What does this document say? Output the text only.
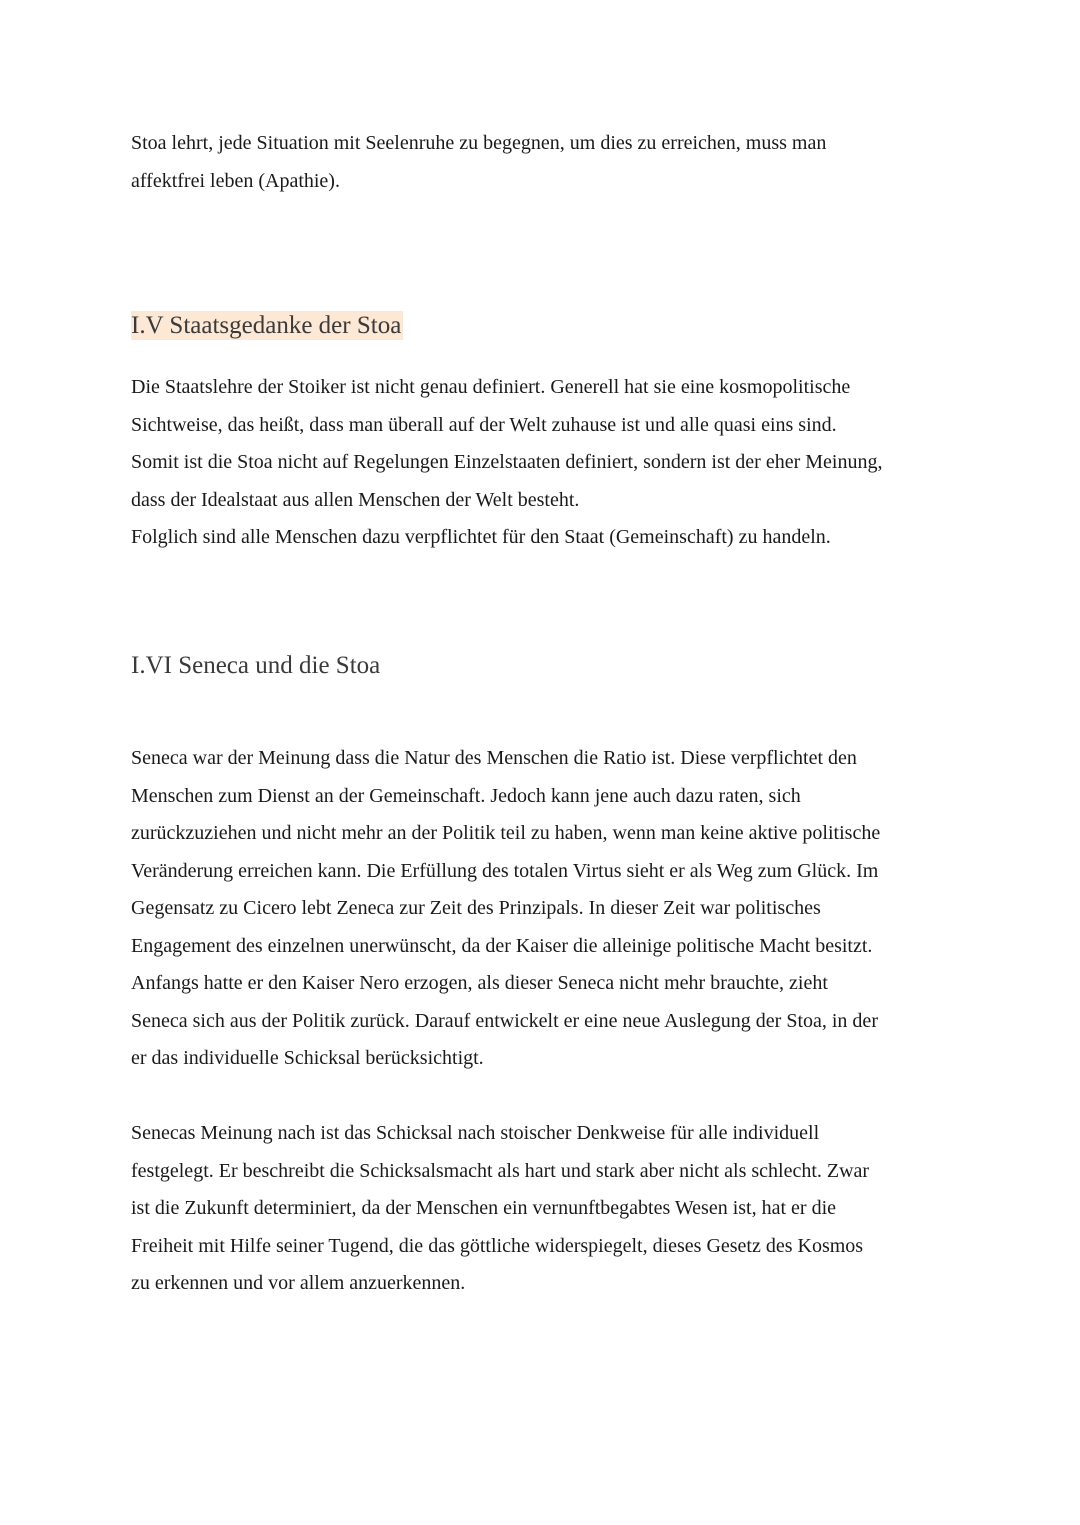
Stoa lehrt, jede Situation mit Seelenruhe zu begegnen, um dies zu erreichen, muss man
affektfrei leben (Apathie).

I.V Staatsgedanke der Stoa

Die Staatslehre der Stoiker ist nicht genau definiert. Generell hat sie eine kosmopolitische
Sichtweise, das heißt, dass man überall auf der Welt zuhause ist und alle quasi eins sind.
Somit ist die Stoa nicht auf Regelungen Einzelstaaten definiert, sondern ist der eher Meinung,
dass der Idealstaat aus allen Menschen der Welt besteht.
Folglich sind alle Menschen dazu verpflichtet für den Staat (Gemeinschaft) zu handeln.

I.VI Seneca und die Stoa

Seneca war der Meinung dass die Natur des Menschen die Ratio ist. Diese verpflichtet den
Menschen zum Dienst an der Gemeinschaft. Jedoch kann jene auch dazu raten, sich
zurückzuziehen und nicht mehr an der Politik teil zu haben, wenn man keine aktive politische
Veränderung erreichen kann. Die Erfüllung des totalen Virtus sieht er als Weg zum Glück. Im
Gegensatz zu Cicero lebt Zeneca zur Zeit des Prinzipals. In dieser Zeit war politisches
Engagement des einzelnen unerwünscht, da der Kaiser die alleinige politische Macht besitzt.
Anfangs hatte er den Kaiser Nero erzogen, als dieser Seneca nicht mehr brauchte, zieht
Seneca sich aus der Politik zurück. Darauf entwickelt er eine neue Auslegung der Stoa, in der
er das individuelle Schicksal berücksichtigt.

Senecas Meinung nach ist das Schicksal nach stoischer Denkweise für alle individuell
festgelegt. Er beschreibt die Schicksalsmacht als hart und stark aber nicht als schlecht. Zwar
ist die Zukunft determiniert, da der Menschen ein vernunftbegabtes Wesen ist, hat er die
Freiheit mit Hilfe seiner Tugend, die das göttliche widerspiegelt, dieses Gesetz des Kosmos
zu erkennen und vor allem anzuerkennen.
